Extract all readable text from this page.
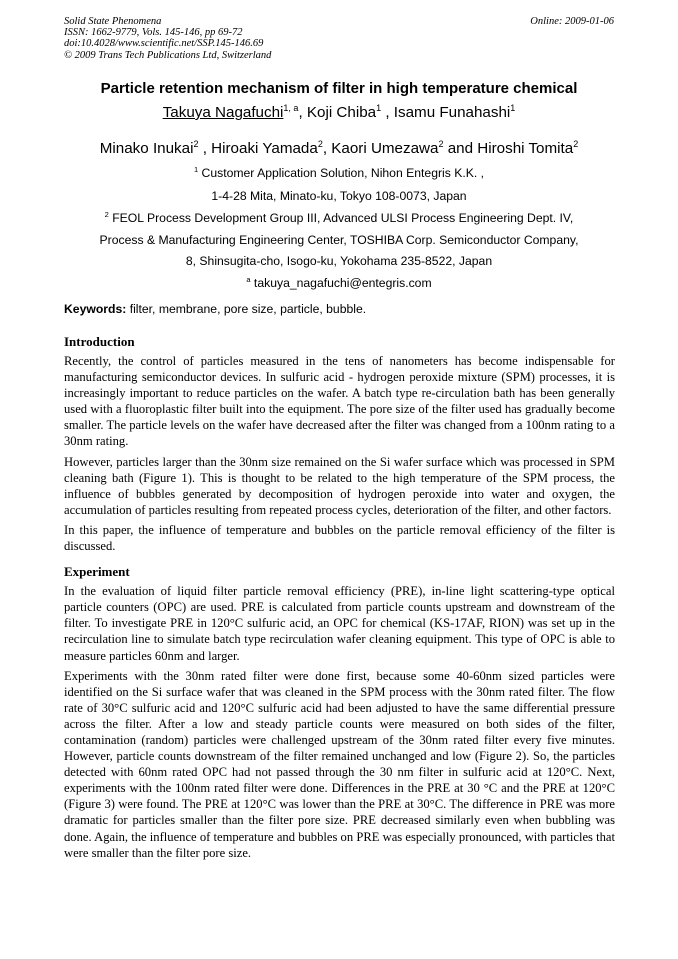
Solid State Phenomena
ISSN: 1662-9779, Vols. 145-146, pp 69-72
doi:10.4028/www.scientific.net/SSP.145-146.69
© 2009 Trans Tech Publications Ltd, Switzerland
Online: 2009-01-06
Particle retention mechanism of filter in high temperature chemical
Takuya Nagafuchi$^{1, a}$, Koji Chiba$^1$ , Isamu Funahashi$^1$
Minako Inukai$^2$ , Hiroaki Yamada$^2$, Kaori Umezawa$^2$ and Hiroshi Tomita$^2$
$^1$ Customer Application Solution, Nihon Entegris K.K. ,
1-4-28 Mita, Minato-ku, Tokyo 108-0073, Japan
$^2$ FEOL Process Development Group III, Advanced ULSI Process Engineering Dept. IV,
Process & Manufacturing Engineering Center, TOSHIBA Corp. Semiconductor Company,
8, Shinsugita-cho, Isogo-ku, Yokohama 235-8522, Japan
$^a$ takuya_nagafuchi@entegris.com
Keywords: filter, membrane, pore size, particle, bubble.
Introduction

Recently, the control of particles measured in the tens of nanometers has become indispensable for manufacturing semiconductor devices. In sulfuric acid - hydrogen peroxide mixture (SPM) processes, it is increasingly important to reduce particles on the wafer. A batch type re-circulation bath has been generally used with a fluoroplastic filter built into the equipment. The pore size of the filter used has gradually become smaller. The particle levels on the wafer have decreased after the filter was changed from a 100nm rating to a 30nm rating.

However, particles larger than the 30nm size remained on the Si wafer surface which was processed in SPM cleaning bath (Figure 1). This is thought to be related to the high temperature of the SPM process, the influence of bubbles generated by decomposition of hydrogen peroxide into water and oxygen, the accumulation of particles resulting from repeated process cycles, deterioration of the filter, and other factors.

In this paper, the influence of temperature and bubbles on the particle removal efficiency of the filter is discussed.

Experiment

In the evaluation of liquid filter particle removal efficiency (PRE), in-line light scattering-type optical particle counters (OPC) are used. PRE is calculated from particle counts upstream and downstream of the filter. To investigate PRE in 120°C sulfuric acid, an OPC for chemical (KS-17AF, RION) was set up in the recirculation line to simulate batch type recirculation wafer cleaning equipment. This type of OPC is able to measure particles 60nm and larger.

Experiments with the 30nm rated filter were done first, because some 40-60nm sized particles were identified on the Si surface wafer that was cleaned in the SPM process with the 30nm rated filter. The flow rate of 30°C sulfuric acid and 120°C sulfuric acid had been adjusted to have the same differential pressure across the filter. After a low and steady particle counts were measured on both sides of the filter, contamination (random) particles were challenged upstream of the 30nm rated filter every five minutes. However, particle counts downstream of the filter remained unchanged and low (Figure 2). So, the particles detected with 60nm rated OPC had not passed through the 30 nm filter in sulfuric acid at 120°C. Next, experiments with the 100nm rated filter were done. Differences in the PRE at 30 °C and the PRE at 120°C (Figure 3) were found. The PRE at 120°C was lower than the PRE at 30°C. The difference in PRE was more dramatic for particles smaller than the filter pore size. PRE decreased similarly even when bubbling was done. Again, the influence of temperature and bubbles on PRE was especially pronounced, with particles that were smaller than the filter pore size.
